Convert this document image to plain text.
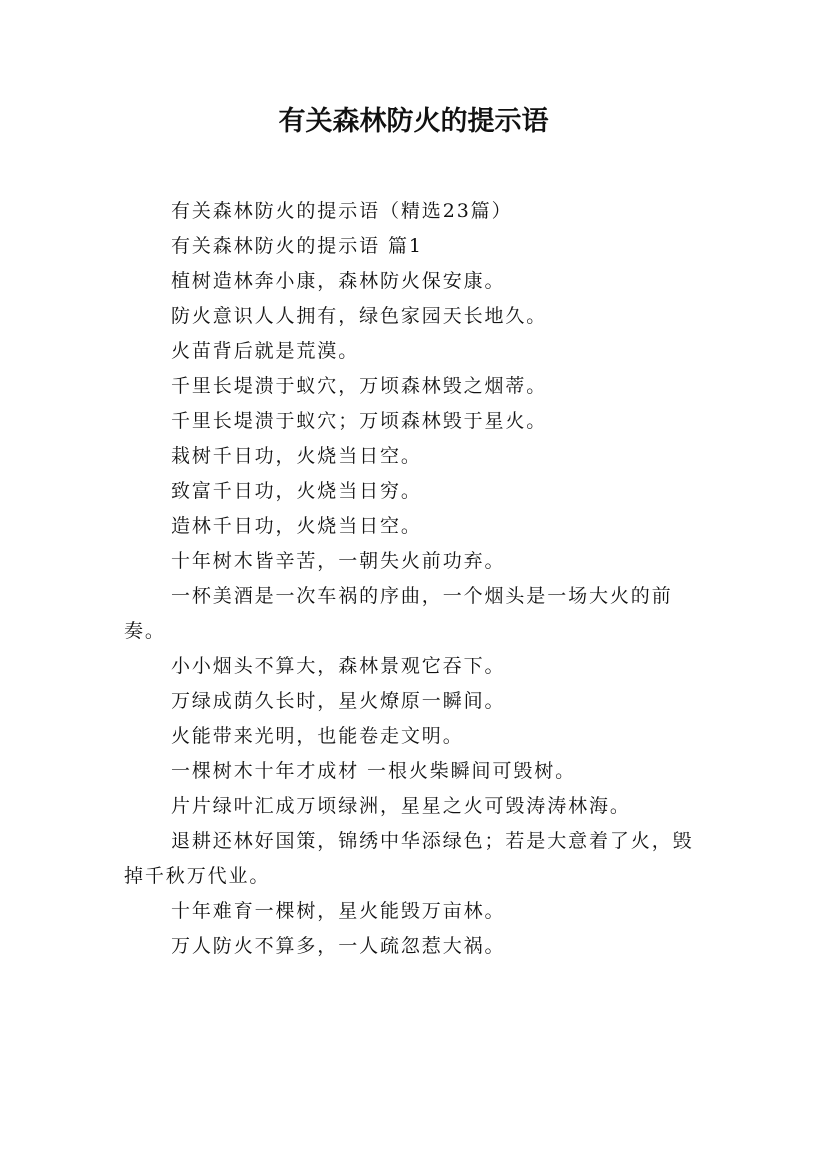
有关森林防火的提示语

有关森林防火的提示语（精选23篇）

有关森林防火的提示语 篇1

植树造林奔小康，森林防火保安康。

防火意识人人拥有，绿色家园天长地久。

火苗背后就是荒漠。

千里长堤溃于蚁穴，万顷森林毁之烟蒂。

千里长堤溃于蚁穴；万顷森林毁于星火。

栽树千日功，火烧当日空。

致富千日功，火烧当日穷。

造林千日功，火烧当日空。

十年树木皆辛苦，一朝失火前功弃。

一杯美酒是一次车祸的序曲，一个烟头是一场大火的前奏。

小小烟头不算大，森林景观它吞下。

万绿成荫久长时，星火燎原一瞬间。

火能带来光明，也能卷走文明。

一棵树木十年才成材 一根火柴瞬间可毁树。

片片绿叶汇成万顷绿洲，星星之火可毁涛涛林海。

退耕还林好国策，锦绣中华添绿色；若是大意着了火，毁掉千秋万代业。

十年难育一棵树，星火能毁万亩林。

万人防火不算多，一人疏忽惹大祸。
